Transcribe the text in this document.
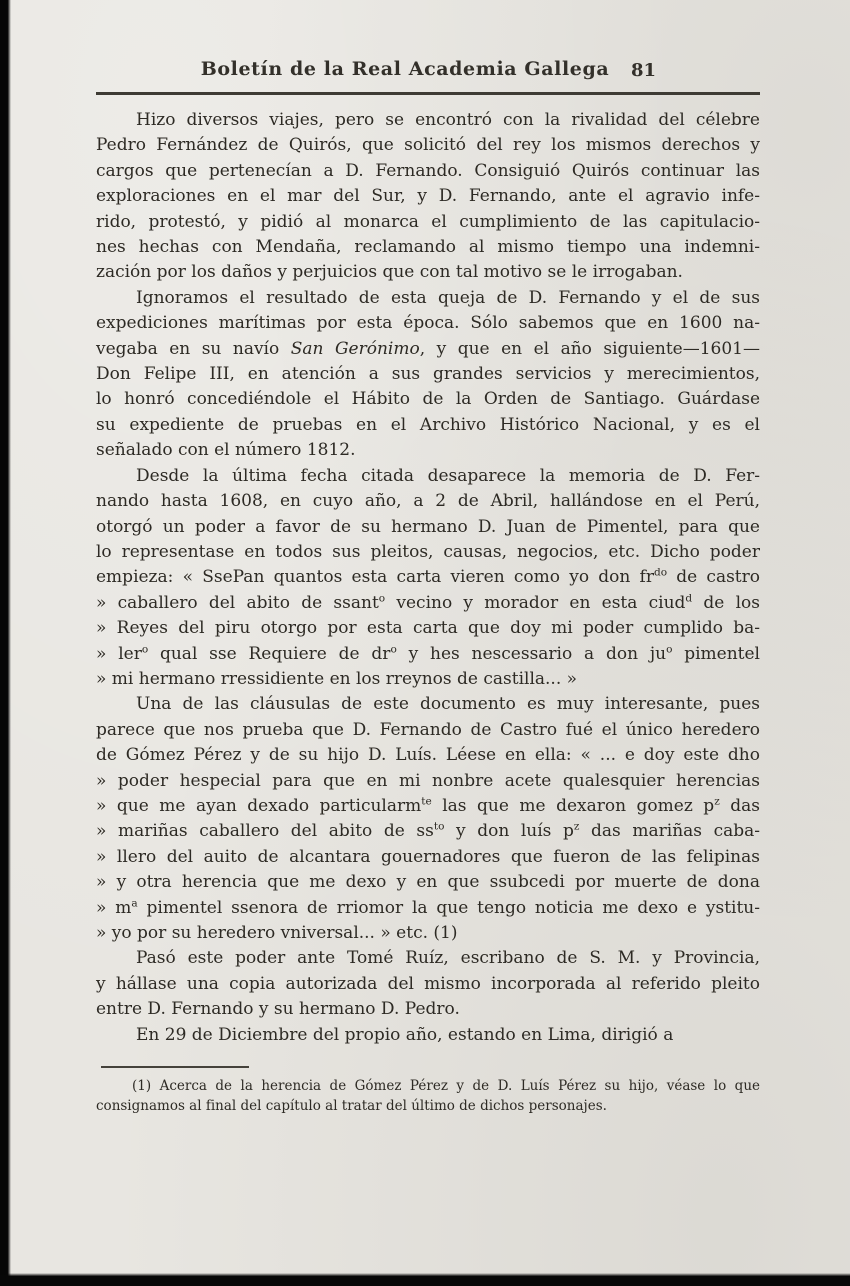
Boletín de la Real Academia Gallega	81
Hizo diversos viajes, pero se encontró con la rivalidad del célebre
Pedro Fernández de Quirós, que solicitó del rey los mismos derechos y
cargos que pertenecían a D. Fernando. Consiguió Quirós continuar las
exploraciones en el mar del Sur, y D. Fernando, ante el agravio infe-
rido, protestó, y pidió al monarca el cumplimiento de las capitulacio-
nes hechas con Mendaña, reclamando al mismo tiempo una indemni-
zación por los daños y perjuicios que con tal motivo se le irrogaban.
Ignoramos el resultado de esta queja de D. Fernando y el de sus
expediciones marítimas por esta época. Sólo sabemos que en 1600 na-
vegaba en su navío San Gerónimo, y que en el año siguiente—1601—
Don Felipe III, en atención a sus grandes servicios y merecimientos,
lo honró concediéndole el Hábito de la Orden de Santiago. Guárdase
su expediente de pruebas en el Archivo Histórico Nacional, y es el
señalado con el número 1812.
Desde la última fecha citada desaparece la memoria de D. Fer-
nando hasta 1608, en cuyo año, a 2 de Abril, hallándose en el Perú,
otorgó un poder a favor de su hermano D. Juan de Pimentel, para que
lo representase en todos sus pleitos, causas, negocios, etc. Dicho poder
empieza: « SsePan quantos esta carta vieren como yo don $fr^{do}$ de castro
» caballero del abito de ssant$^o$ vecino y morador en esta ciud$^d$ de los
» Reyes del piru otorgo por esta carta que doy mi poder cumplido ba-
» ler$^o$ qual sse Requiere de $dr^o$ y hes nescessario a don $ju^o$ pimentel
» mi hermano rressidiente en los rreynos de castilla... »
Una de las cláusulas de este documento es muy interesante, pues
parece que nos prueba que D. Fernando de Castro fué el único heredero
de Gómez Pérez y de su hijo D. Luís. Léese en ella: « ... e doy este dho
» poder hespecial para que en mi nonbre acete qualesquier herencias
» que me ayan dexado particularm$^{te}$ las que me dexaron gomez $p^z$ das
» mariñas caballero del abito de $ss^{to}$ y don luís $p^z$ das mariñas caba-
» llero del auito de alcantara gouernadores que fueron de las felipinas
» y otra herencia que me dexo y en que ssubcedi por muerte de dona
» $m^a$ pimentel ssenora de rriomor la que tengo noticia me dexo e ystitu-
» yo por su heredero vniversal... » etc. (1)
Pasó este poder ante Tomé Ruíz, escribano de S. M. y Provincia,
y hállase una copia autorizada del mismo incorporada al referido pleito
entre D. Fernando y su hermano D. Pedro.
En 29 de Diciembre del propio año, estando en Lima, dirigió a
(1) Acerca de la herencia de Gómez Pérez y de D. Luís Pérez su hijo, véase lo que
consignamos al final del capítulo al tratar del último de dichos personajes.
